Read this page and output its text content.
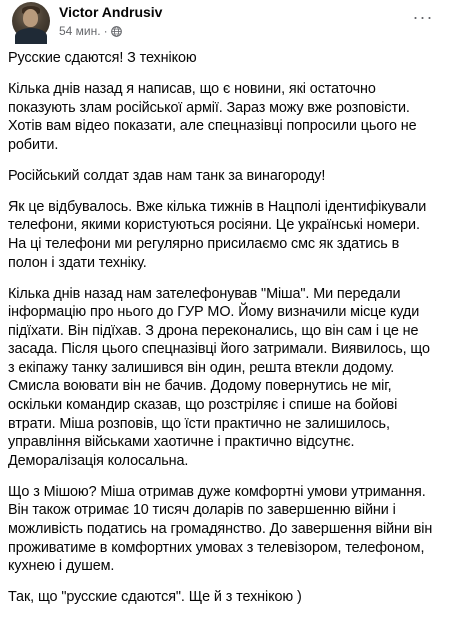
Victor Andrusiv
54 мин. ·
···

Русские сдаются! З технікою

Кілька днів назад я написав, що є новини, які остаточно показують злам російської армії. Зараз можу вже розповісти. Хотів вам відео показати, але спецназівці попросили цього не робити.

Російський солдат здав нам танк за винагороду!

Як це відбувалось. Вже кілька тижнів в Нацполі ідентифікували телефони, якими користуються росіяни. Це українські номери. На ці телефони ми регулярно присилаємо смс як здатись в полон і здати техніку.

Кілька днів назад нам зателефонував "Міша". Ми передали інформацію про нього до ГУР МО. Йому визначили місце куди підїхати. Він підїхав. З дрона переконались, що він сам і це не засада. Після цього спецназівці його затримали. Виявилось, що з екіпажу танку залишився він один, решта втекли додому. Смисла воювати він не бачив. Додому повернутись не міг, оскільки командир сказав, що розстріляє і спише на бойові втрати. Міша розповів, що їсти практично не залишилось, управління військами хаотичне і практично відсутнє. Деморалізація колосальна.

Що з Мішою? Міша отримав дуже комфортні умови утримання. Він також отримає 10 тисяч доларів по завершенню війни і можливість податись на громадянство. До завершення війни він проживатиме в комфортних умовах з телевізором, телефоном, кухнею і душем.

Так, що "русские сдаются". Ще й з технікою )
